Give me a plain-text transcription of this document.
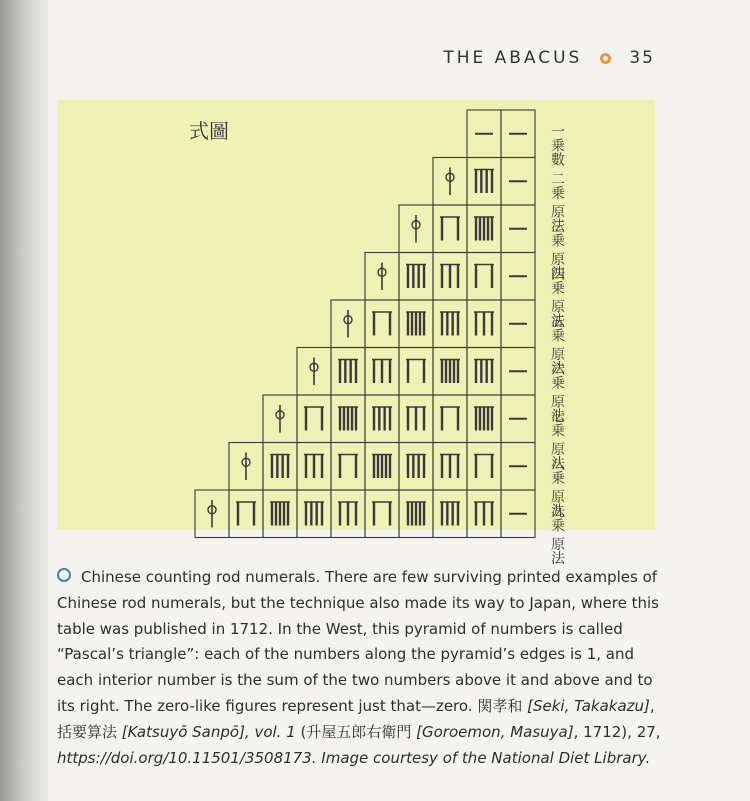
THE ABACUS	35
式圖	一乗數
二乗 原法
三乗 原法
四乗 原法
五乗 原法
六乗 原法
七乗 原法
八乗 原法
九乗 原法
Chinese counting rod numerals. There are few surviving printed examples of Chinese rod numerals, but the technique also made its way to Japan, where this table was published in 1712. In the West, this pyramid of numbers is called “Pascal’s triangle”: each of the numbers along the pyramid’s edges is 1, and each interior number is the sum of the two numbers above it and above and to its right. The zero-like figures represent just that—zero. 関孝和 [Seki, Takakazu], 括要算法 [Katsuyō Sanpō], vol. 1 (升屋五郎右衛門 [Goroemon, Masuya], 1712), 27, https://doi.org/10.11501/3508173. Image courtesy of the National Diet Library.
